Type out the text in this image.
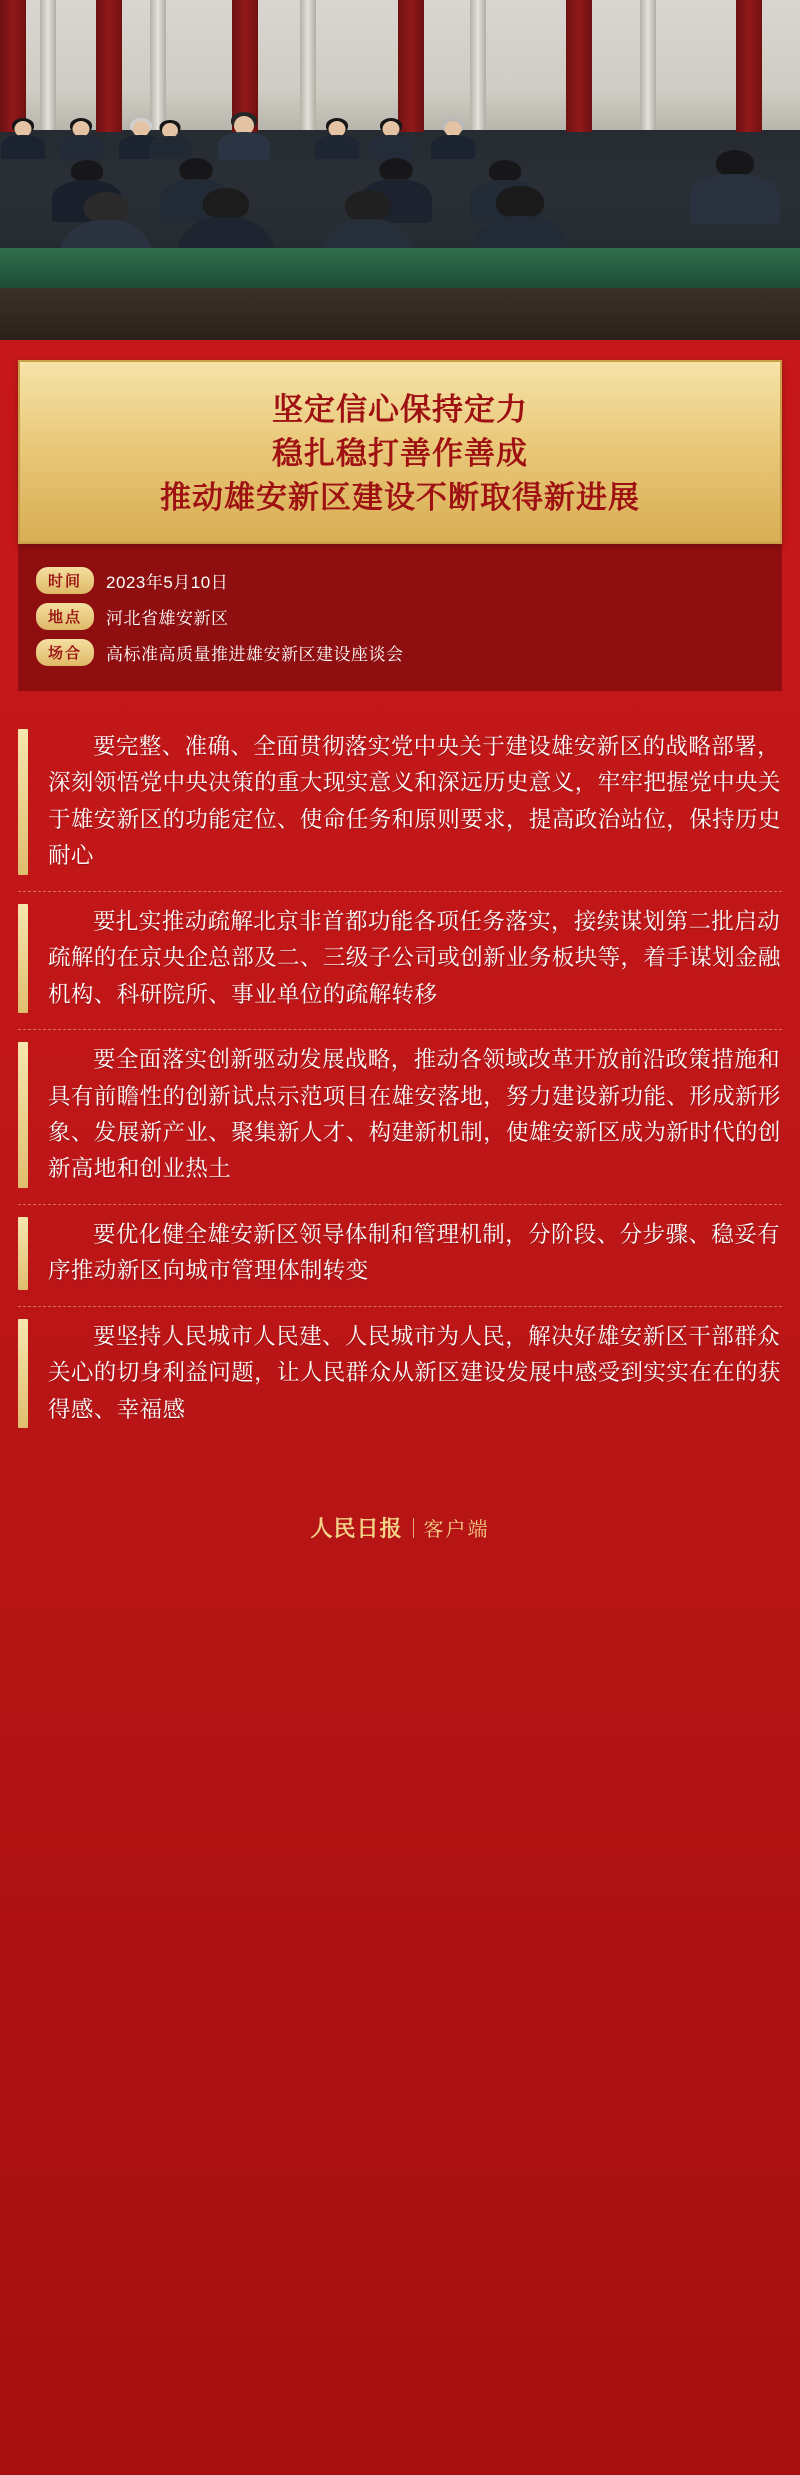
坚定信心保持定力
稳扎稳打善作善成
推动雄安新区建设不断取得新进展
时间	2023年5月10日
地点	河北省雄安新区
场合	高标准高质量推进雄安新区建设座谈会

要完整、准确、全面贯彻落实党中央关于建设雄安新区的战略部署，深刻领悟党中央决策的重大现实意义和深远历史意义，牢牢把握党中央关于雄安新区的功能定位、使命任务和原则要求，提高政治站位，保持历史耐心

要扎实推动疏解北京非首都功能各项任务落实，接续谋划第二批启动疏解的在京央企总部及二、三级子公司或创新业务板块等，着手谋划金融机构、科研院所、事业单位的疏解转移

要全面落实创新驱动发展战略，推动各领域改革开放前沿政策措施和具有前瞻性的创新试点示范项目在雄安落地，努力建设新功能、形成新形象、发展新产业、聚集新人才、构建新机制，使雄安新区成为新时代的创新高地和创业热土

要优化健全雄安新区领导体制和管理机制，分阶段、分步骤、稳妥有序推动新区向城市管理体制转变

要坚持人民城市人民建、人民城市为人民，解决好雄安新区干部群众关心的切身利益问题，让人民群众从新区建设发展中感受到实实在在的获得感、幸福感

人民日报 客户端
